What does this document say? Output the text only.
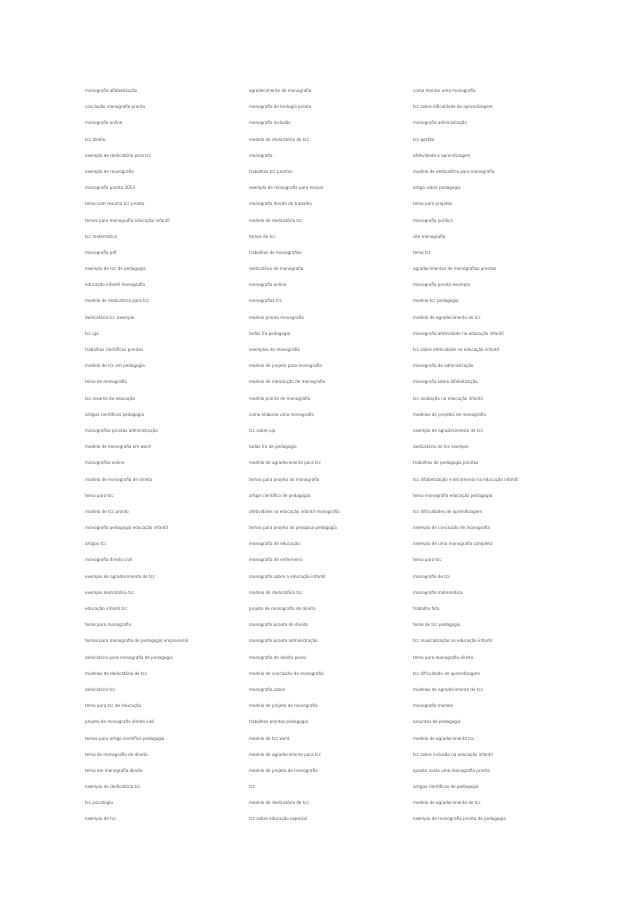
monografia alfabetização
conclusão monografia pronta
monografia online
tcc direito
exemplo de dedicatória para tcc
exemplo de monografia
monografia pronta 2013
tema com resumo tcc pronto
temas para monografia educação infantil
tcc matemática
monografia pdf
exemplo de tcc de pedagogia
educação infantil monografia
modelo de dedicatória para tcc
dedicatória tcc exemplo
tcc uja
trabalhos científicos prontos
modelo de tcc em pedagogia
tema de monografia
tcc resumo da educação
artigos científicos pedagogia
monografias prontas administração
modelo de monografia em word
monografias online
modelo de monografia de direito
tema para tcc
modelo de tcc pronto
monografia pedagogia educação infantil
artigos tcc
monografia direito civil
exemplo de agradecimento de tcc
exemplo dedicatória tcc
educação infantil tcc
tema para monografia
temas para monografia de pedagogia empresarial
dedicatória para monografia de pedagogia
modelos de dedicatória de tcc
dedicatória tcc
tema para tcc de educação
projeto de monografia direito civil
temas para artigo científico pedagogia
tema de monografia de direito
tema em monografia direito
exemplo de dedicatória tcc
tcc psicologia
exemplo de tcc
agradecimento de monografia
monografia de teologia pronta
monografia inclusão
modelo de dedicatória de tcc
monografia
trabalhos tcc prontos
exemplo de monografia para revisar
monografia direito do trabalho
modelo de dedicatória tcc
temas de tcc
trabalhos de monografias
dedicatória de monografia
monografia online
monografias tcc
modelo pronto monografia
todas fra pedagogia
exemplos de monografia
modelo de projeto para monografia
modelo de introdução de monografia
modelo pronto de monografia
como elaborar uma monografia
tcc sobre uja
todas fra de pedagogia
modelo de agradecimento para tcc
temas para projeto de monografia
artigo científico de pedagogia
afetividade na educação infantil monografia
temas para projeto de pesquisa pedagogia
monografia de educação
monografia de enfermeiro
monografia sobre a educação infantil
modelo de dedicatória tcc
projeto de monografia de direito
monografia pronta de direito
monografia pronta administração
monografia de direito penal
modelo de conclusão de monografia
monografia sobre
modelo de projeto de monografia
trabalhos prontos pedagogia
modelo de tcc word
modelo de agradecimento para tcc
modelo de projeto de monografia
tcc
modelo de dedicatória de tcc
tcc sobre educação especial
como montar uma monografia
tcc sobre dificuldade de aprendizagem
monografia administração
tcc gestão
afetividade e aprendizagem
modelo de dedicatória para monografia
artigo sobre pedagogia
tema para projetos
monografia jurídica
site monografia
tema tcc
agradecimentos de monografias prontas
monografia pronta exemplo
modelo tcc pedagogia
modelo de agradecimento de tcc
monografia afetividade na educação infantil
tcc sobre afetividade na educação infantil
monografia de administração
monografia sobre alfabetização
tcc avaliação na educação infantil
modelos de projetos de monografia
exemplo de agradecimento de tcc
dedicatória de tcc exemplo
trabalhos de pedagogia prontos
tcc alfabetização e letramento na educação infantil
tema monografia educação pedagogia
tcc dificuldades de aprendizagem
exemplo de conclusão de monografia
exemplo de uma monografia completa
tema para tcc
monografia de tcc
monografia matemática
trabalho fofo
tema de tcc pedagogia
tcc musicalização na educação infantil
tema para monografia direito
tcc dificuldade de aprendizagem
modelos de agradecimento de tcc
monografia modelo
assuntos de pedagogia
modelo de agradecimento tcc
tcc sobre inclusão na educação infantil
quanto custa uma monografia pronta
artigos científicos de pedagogia
modelo de agradecimento de tcc
exemplo de monografia pronta de pedagogia
